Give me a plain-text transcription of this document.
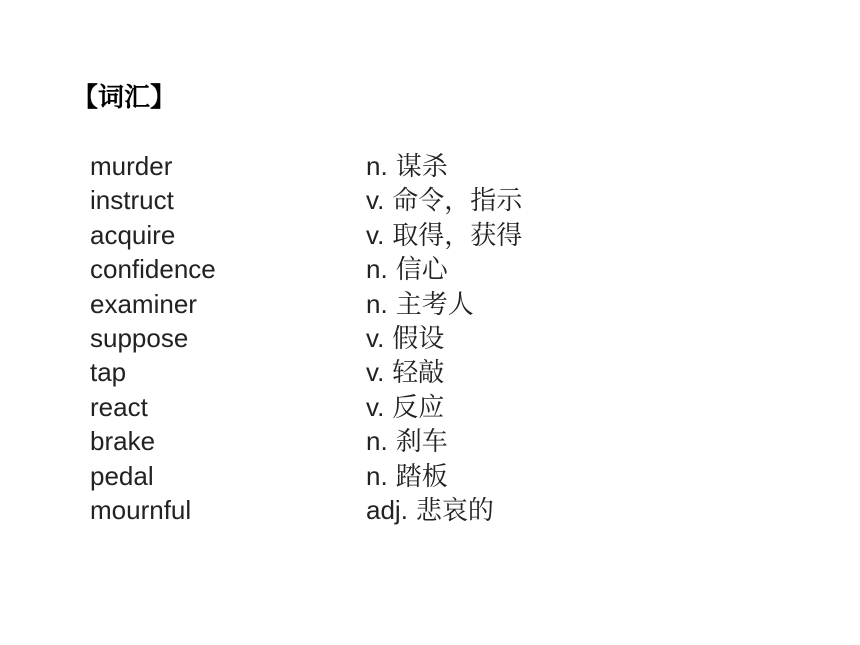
【词汇】
murder	n. 谋杀
instruct	v. 命令，指示
acquire	v. 取得，获得
confidence	n. 信心
examiner	n. 主考人
suppose	v. 假设
tap	v. 轻敲
react	v. 反应
brake	n. 刹车
pedal	n. 踏板
mournful	adj. 悲哀的
